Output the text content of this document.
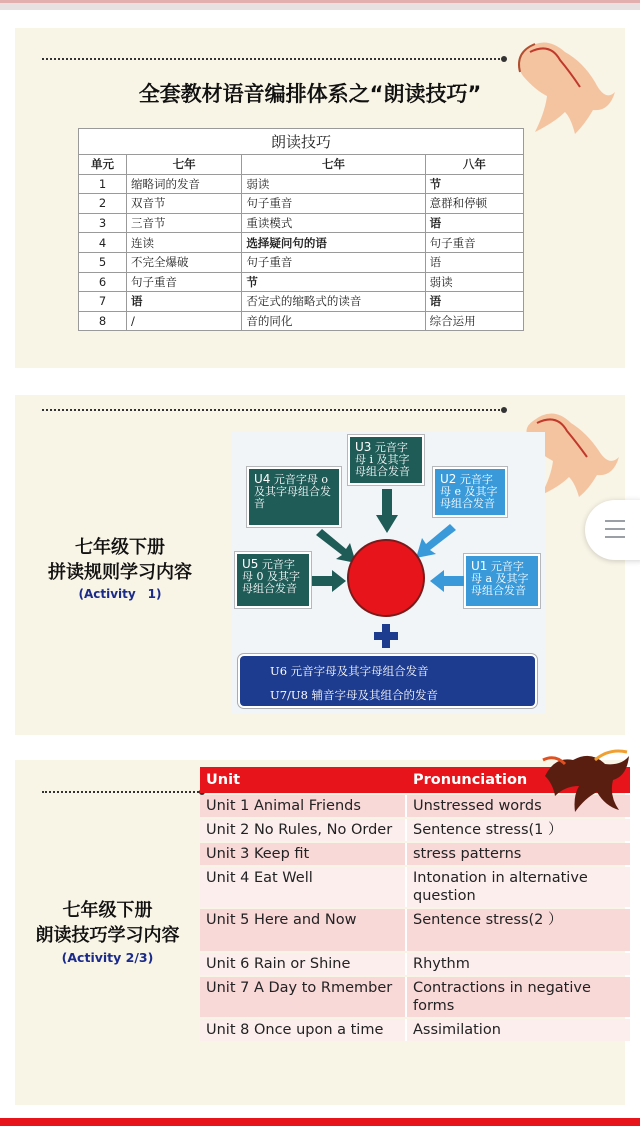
全套教材语音编排体系之“朗读技巧”
朗读技巧			
单元	七年	七年	八年
1	缩略词的发音	弱读	节
2	双音节	句子重音	意群和停顿
3	三音节	重读模式	语
4	连读	选择疑问句的语	句子重音
5	不完全爆破	句子重音	语
6	句子重音	节	弱读
7	语	否定式的缩略式的读音	语
8	/	音的同化	综合运用
七年级下册
拼读规则学习内容
(Activity　1)
U3 元音字母 i 及其字母组合发音
U4 元音字母 o 及其字母组合发音
U2 元音字母 e 及其字母组合发音
U5 元音字母 0 及其字母组合发音
U1 元音字母 a 及其字母组合发音
U6 元音字母及其字母组合发音
U7/U8 辅音字母及其组合的发音
七年级下册
朗读技巧学习内容
(Activity 2/3)
Unit	Pronunciation
Unit 1 Animal Friends	Unstressed words
Unit 2 No Rules, No Order	Sentence stress(1 ）
Unit 3 Keep fit	stress patterns
Unit 4 Eat Well	Intonation in alternative question
Unit 5 Here and Now	Sentence stress(2 ）
Unit 6 Rain or Shine	Rhythm
Unit 7 A Day to Rmember	Contractions in negative forms
Unit 8 Once upon a time	Assimilation
